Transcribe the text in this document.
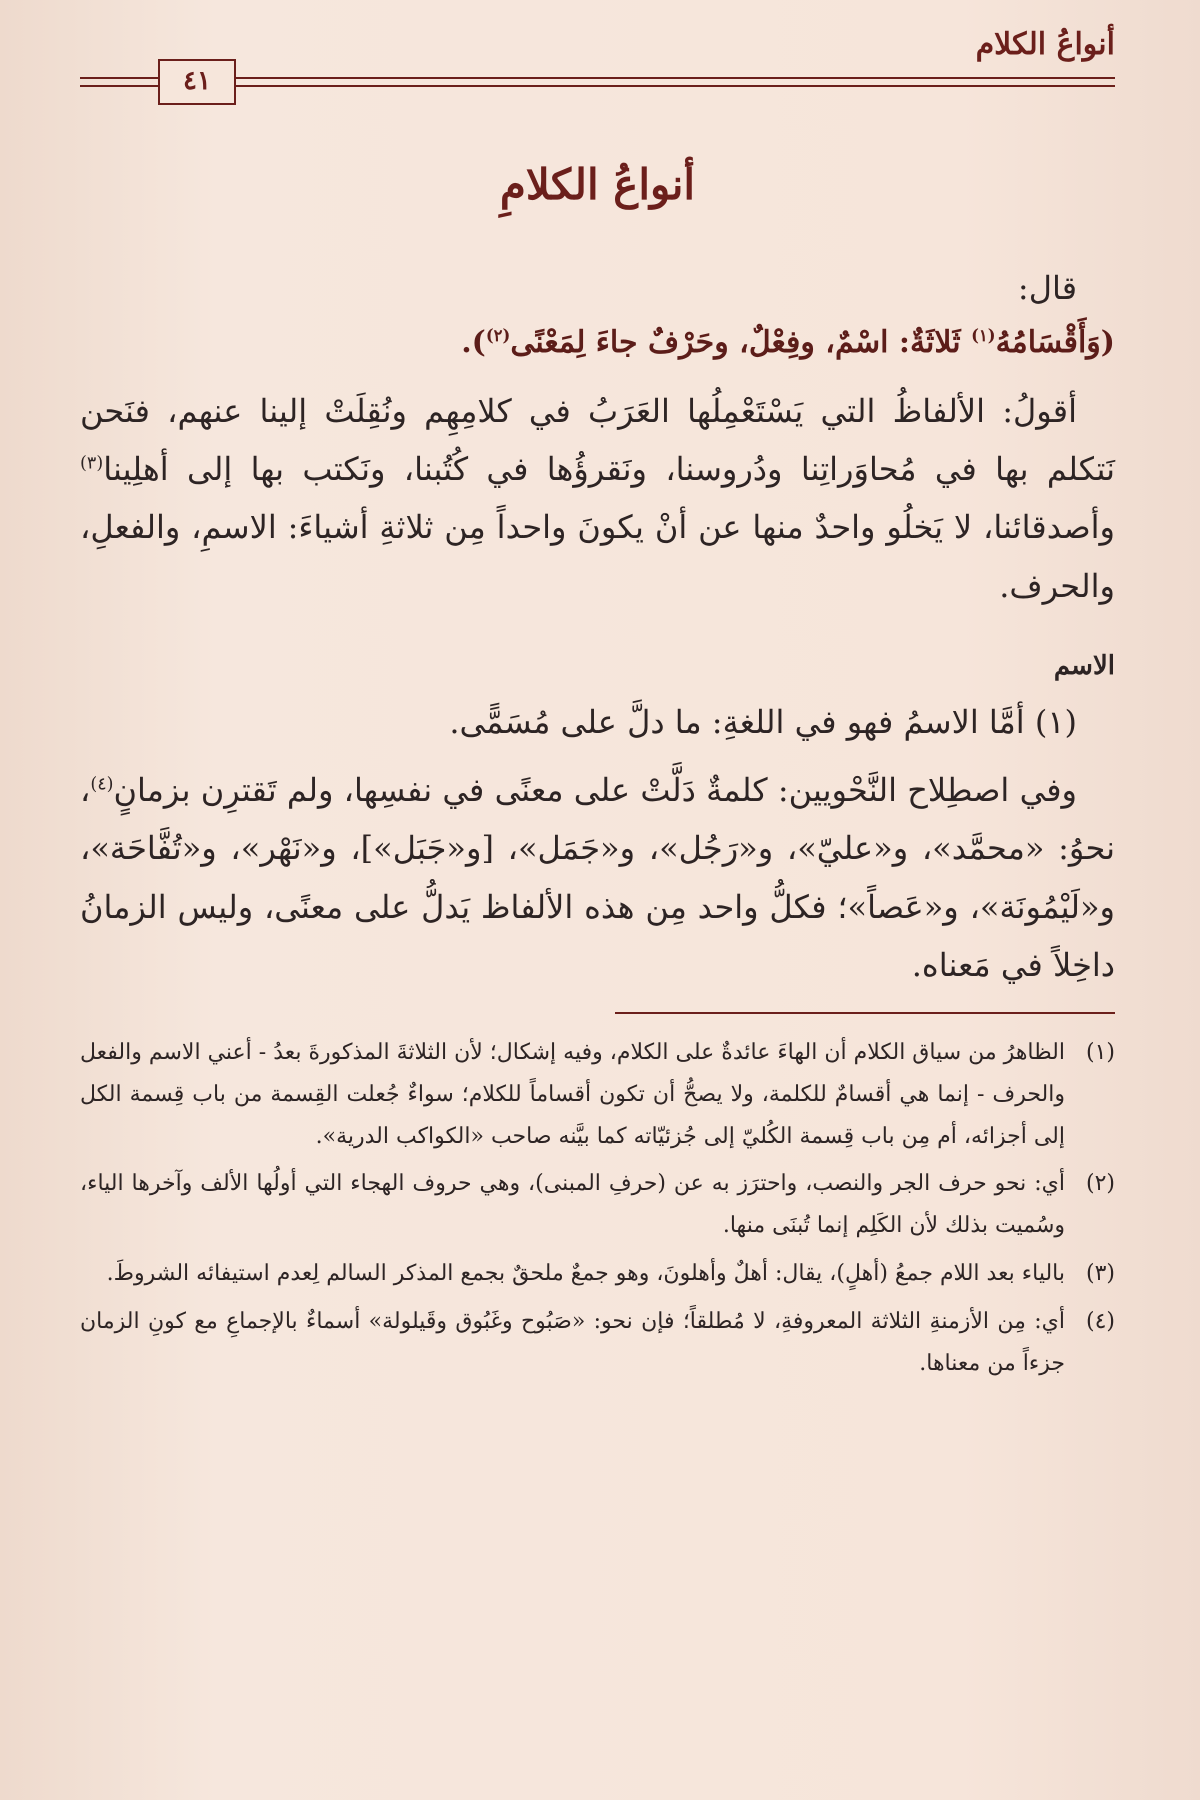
أنواعُ الكلام
٤١
أنواعُ الكلامِ
قال:
(وَأَقْسَامُهُ$^{(١)}$ ثَلاثَةٌ: اسْمٌ، وفِعْلٌ، وحَرْفٌ جاءَ لِمَعْنًى$^{(٢)}$).

أقولُ: الألفاظُ التي يَسْتَعْمِلُها العَرَبُ في كلامِهِم ونُقِلَتْ إلينا عنهم، فنَحن نَتكلم بها في مُحاوَراتِنا ودُروسنا، ونَقرؤُها في كُتُبنا، ونَكتب بها إلى أهلِينا$^{(٣)}$ وأصدقائنا، لا يَخلُو واحدٌ منها عن أنْ يكونَ واحداً مِن ثلاثةِ أشياءَ: الاسمِ، والفعلِ، والحرف.

الاسم

(١) أمَّا الاسمُ فهو في اللغةِ: ما دلَّ على مُسَمًّى.

وفي اصطِلاح النَّحْويين: كلمةٌ دَلَّتْ على معنًى في نفسِها، ولم تَقترِن بزمانٍ$^{(٤)}$، نحوُ: «محمَّد»، و«عليّ»، و«رَجُل»، و«جَمَل»، [و«جَبَل»]، و«نَهْر»، و«تُفَّاحَة»، و«لَيْمُونَة»، و«عَصاً»؛ فكلُّ واحد مِن هذه الألفاظ يَدلُّ على معنًى، وليس الزمانُ داخِلاً في مَعناه.

(١)
الظاهرُ من سياق الكلام أن الهاءَ عائدةٌ على الكلام، وفيه إشكال؛ لأن الثلاثةَ المذكورةَ بعدُ - أعني الاسم والفعل والحرف - إنما هي أقسامٌ للكلمة، ولا يصحُّ أن تكون أقساماً للكلام؛ سواءٌ جُعلت القِسمة من باب قِسمة الكل إلى أجزائه، أم مِن باب قِسمة الكُليّ إلى جُزئيّاته كما بيَّنه صاحب «الكواكب الدرية».
(٢)
أي: نحو حرف الجر والنصب، واحترَز به عن (حرفِ المبنى)، وهي حروف الهجاء التي أولُها الألف وآخرها الياء، وسُميت بذلك لأن الكَلِم إنما تُبنَى منها.
(٣)
بالياء بعد اللام جمعُ (أهلٍ)، يقال: أهلٌ وأهلونَ، وهو جمعٌ ملحقٌ بجمع المذكر السالم لِعدم استيفائه الشروطَ.
(٤)
أي: مِن الأزمنةِ الثلاثة المعروفةِ، لا مُطلقاً؛ فإن نحو: «صَبُوح وغَبُوق وقَيلولة» أسماءٌ بالإجماعِ مع كونِ الزمان جزءاً من معناها.
